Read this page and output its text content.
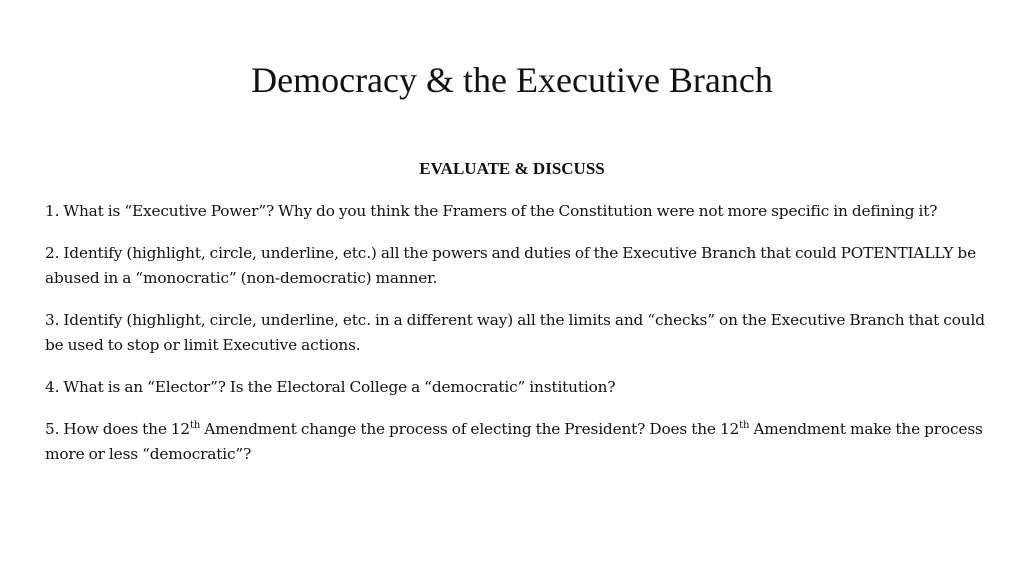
Democracy & the Executive Branch
EVALUATE & DISCUSS

1. What is “Executive Power”? Why do you think the Framers of the Constitution were not more specific in defining it?

2. Identify (highlight, circle, underline, etc.) all the powers and duties of the Executive Branch that could POTENTIALLY be abused in a “monocratic” (non-democratic) manner.

3. Identify (highlight, circle, underline, etc. in a different way) all the limits and “checks” on the Executive Branch that could be used to stop or limit Executive actions.

4. What is an “Elector”? Is the Electoral College a “democratic” institution?

5. How does the 12th Amendment change the process of electing the President? Does the 12th Amendment make the process more or less “democratic”?
